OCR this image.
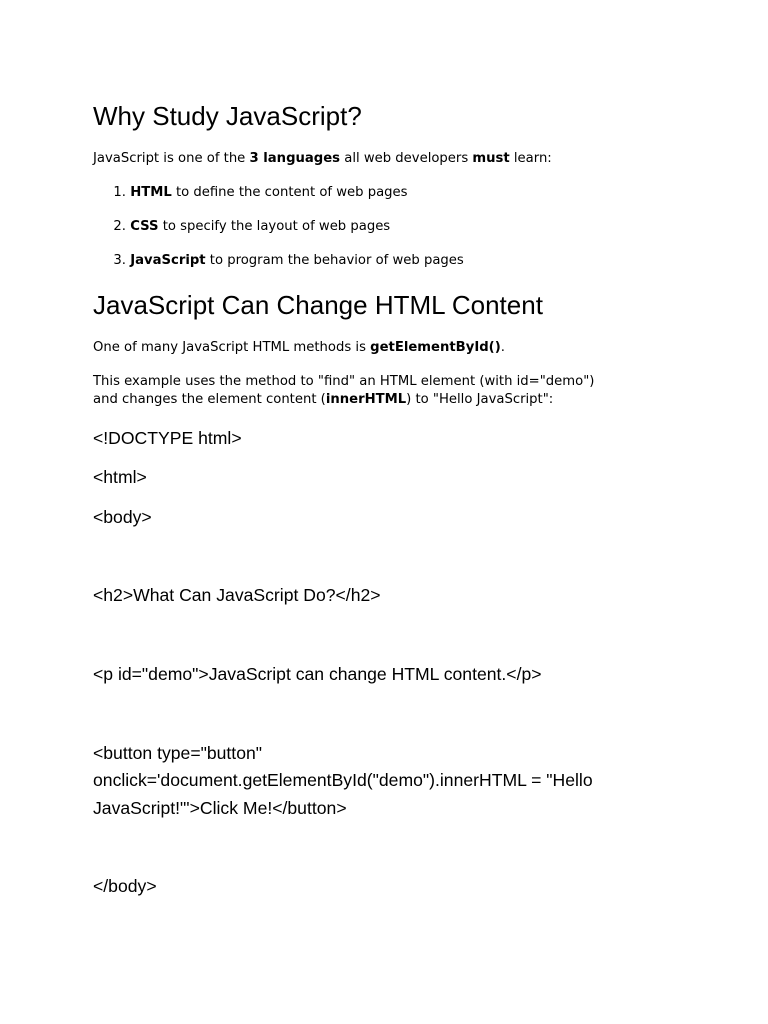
Why Study JavaScript?
JavaScript is one of the 3 languages all web developers must learn:
1. HTML to define the content of web pages
2. CSS to specify the layout of web pages
3. JavaScript to program the behavior of web pages
JavaScript Can Change HTML Content
One of many JavaScript HTML methods is getElementById().
This example uses the method to "find" an HTML element (with id="demo")
and changes the element content (innerHTML) to "Hello JavaScript":
<!DOCTYPE html>
<html>
<body>
<h2>What Can JavaScript Do?</h2>
<p id="demo">JavaScript can change HTML content.</p>
<button type="button"
onclick='document.getElementById("demo").innerHTML = "Hello
JavaScript!"'>Click Me!</button>
</body>
